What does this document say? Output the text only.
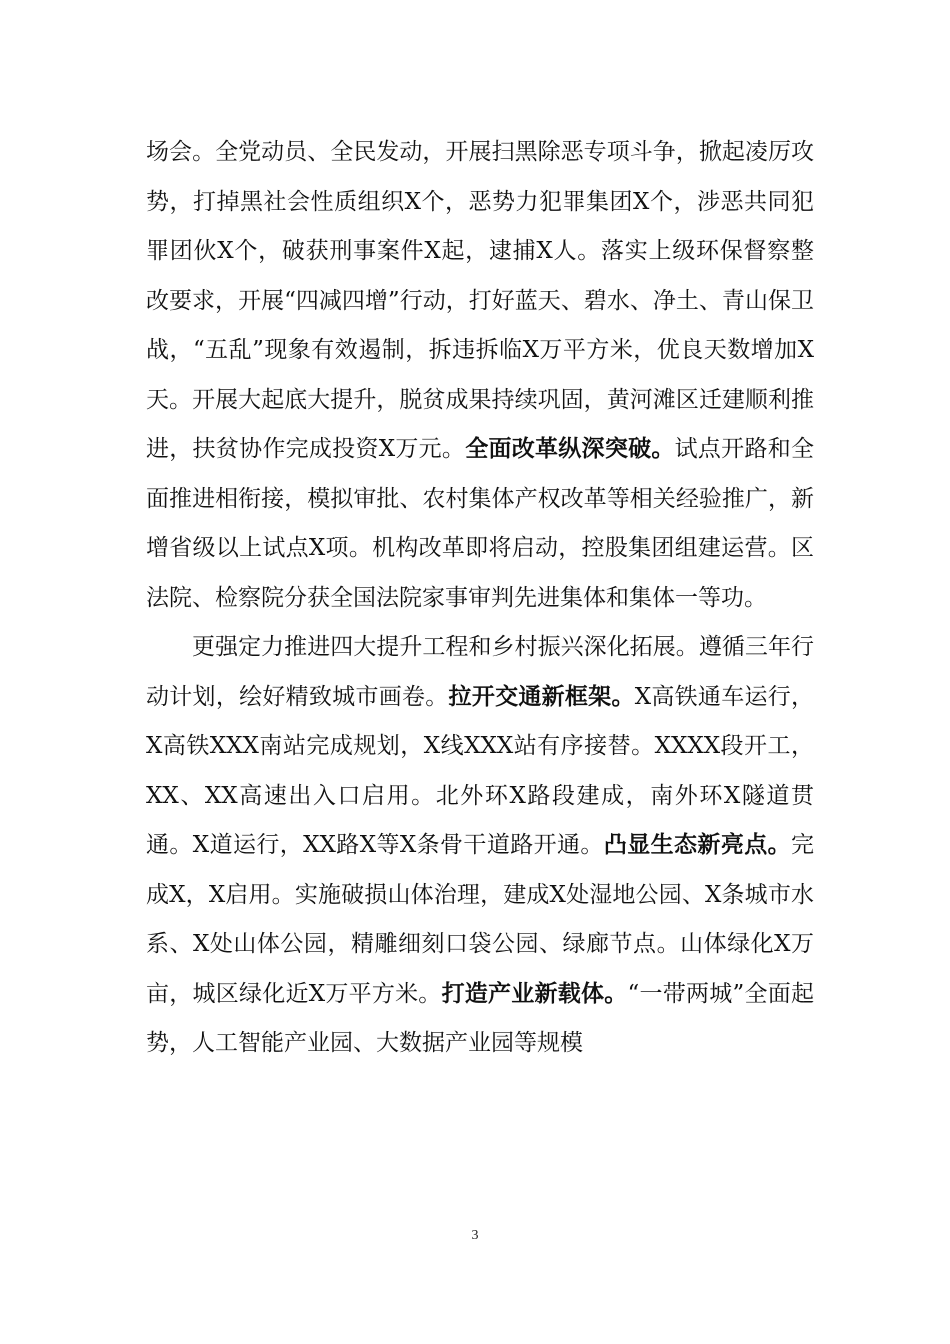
场会。全党动员、全民发动，开展扫黑除恶专项斗争，掀起凌厉攻势，打掉黑社会性质组织X个，恶势力犯罪集团X个，涉恶共同犯罪团伙X个，破获刑事案件X起，逮捕X人。落实上级环保督察整改要求，开展“四减四增”行动，打好蓝天、碧水、净土、青山保卫战，“五乱”现象有效遏制，拆违拆临X万平方米，优良天数增加X天。开展大起底大提升，脱贫成果持续巩固，黄河滩区迁建顺利推进，扶贫协作完成投资X万元。全面改革纵深突破。试点开路和全面推进相衔接，模拟审批、农村集体产权改革等相关经验推广，新增省级以上试点X项。机构改革即将启动，控股集团组建运营。区法院、检察院分获全国法院家事审判先进集体和集体一等功。

更强定力推进四大提升工程和乡村振兴深化拓展。遵循三年行动计划，绘好精致城市画卷。拉开交通新框架。X高铁通车运行，X高铁XXX南站完成规划，X线XXX站有序接替。XXXX段开工，XX、XX高速出入口启用。北外环X路段建成，南外环X隧道贯通。X道运行，XX路X等X条骨干道路开通。凸显生态新亮点。完成X，X启用。实施破损山体治理，建成X处湿地公园、X条城市水系、X处山体公园，精雕细刻口袋公园、绿廊节点。山体绿化X万亩，城区绿化近X万平方米。打造产业新载体。“一带两城”全面起势，人工智能产业园、大数据产业园等规模

3
